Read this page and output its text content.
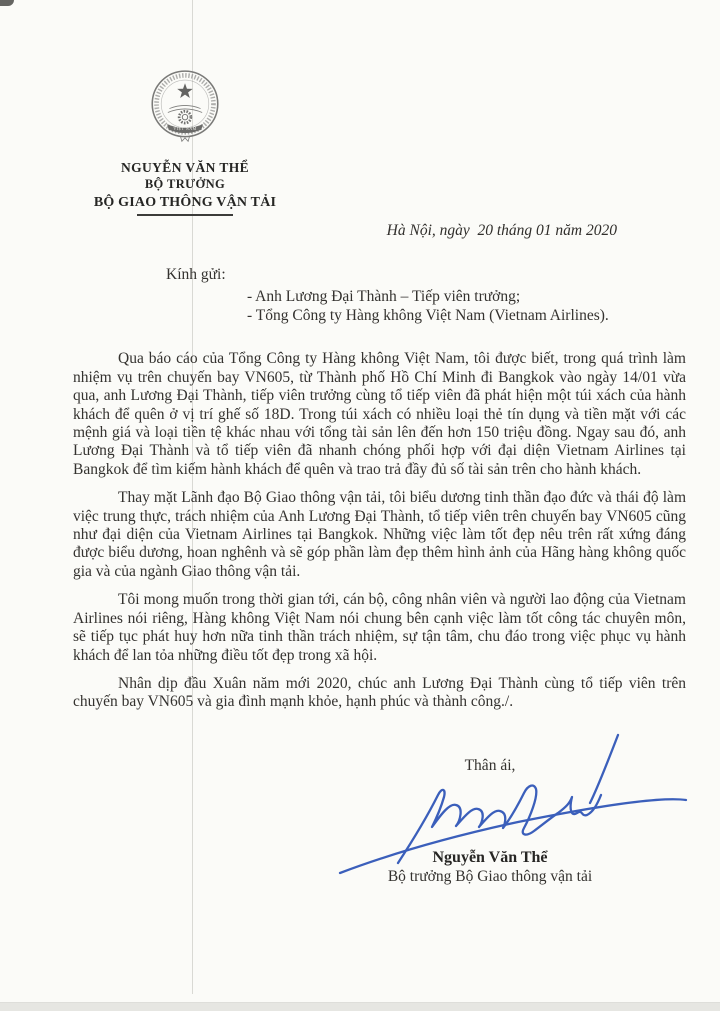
VIỆT NAM
NGUYỄN VĂN THỂ
BỘ TRƯỞNG
BỘ GIAO THÔNG VẬN TẢI
Hà Nội, ngày  20 tháng 01 năm 2020
Kính gửi:
- Anh Lương Đại Thành – Tiếp viên trưởng;
- Tổng Công ty Hàng không Việt Nam (Vietnam Airlines).

Qua báo cáo của Tổng Công ty Hàng không Việt Nam, tôi được biết, trong quá trình làm nhiệm vụ trên chuyến bay VN605, từ Thành phố Hồ Chí Minh đi Bangkok vào ngày 14/01 vừa qua, anh Lương Đại Thành, tiếp viên trưởng cùng tổ tiếp viên đã phát hiện một túi xách của hành khách để quên ở vị trí ghế số 18D. Trong túi xách có nhiều loại thẻ tín dụng và tiền mặt với các mệnh giá và loại tiền tệ khác nhau với tổng tài sản lên đến hơn 150 triệu đồng. Ngay sau đó, anh Lương Đại Thành và tổ tiếp viên đã nhanh chóng phối hợp với đại diện Vietnam Airlines tại Bangkok để tìm kiếm hành khách để quên và trao trả đầy đủ số tài sản trên cho hành khách.

Thay mặt Lãnh đạo Bộ Giao thông vận tải, tôi biểu dương tinh thần đạo đức và thái độ làm việc trung thực, trách nhiệm của Anh Lương Đại Thành, tổ tiếp viên trên chuyến bay VN605 cũng như đại diện của Vietnam Airlines tại Bangkok. Những việc làm tốt đẹp nêu trên rất xứng đáng được biểu dương, hoan nghênh và sẽ góp phần làm đẹp thêm hình ảnh của Hãng hàng không quốc gia và của ngành Giao thông vận tải.

Tôi mong muốn trong thời gian tới, cán bộ, công nhân viên và người lao động của Vietnam Airlines nói riêng, Hàng không Việt Nam nói chung bên cạnh việc làm tốt công tác chuyên môn, sẽ tiếp tục phát huy hơn nữa tinh thần trách nhiệm, sự tận tâm, chu đáo trong việc phục vụ hành khách để lan tỏa những điều tốt đẹp trong xã hội.

Nhân dịp đầu Xuân năm mới 2020, chúc anh Lương Đại Thành cùng tổ tiếp viên trên chuyến bay VN605 và gia đình mạnh khỏe, hạnh phúc và thành công./.

Thân ái,
Nguyễn Văn Thể
Bộ trưởng Bộ Giao thông vận tải
